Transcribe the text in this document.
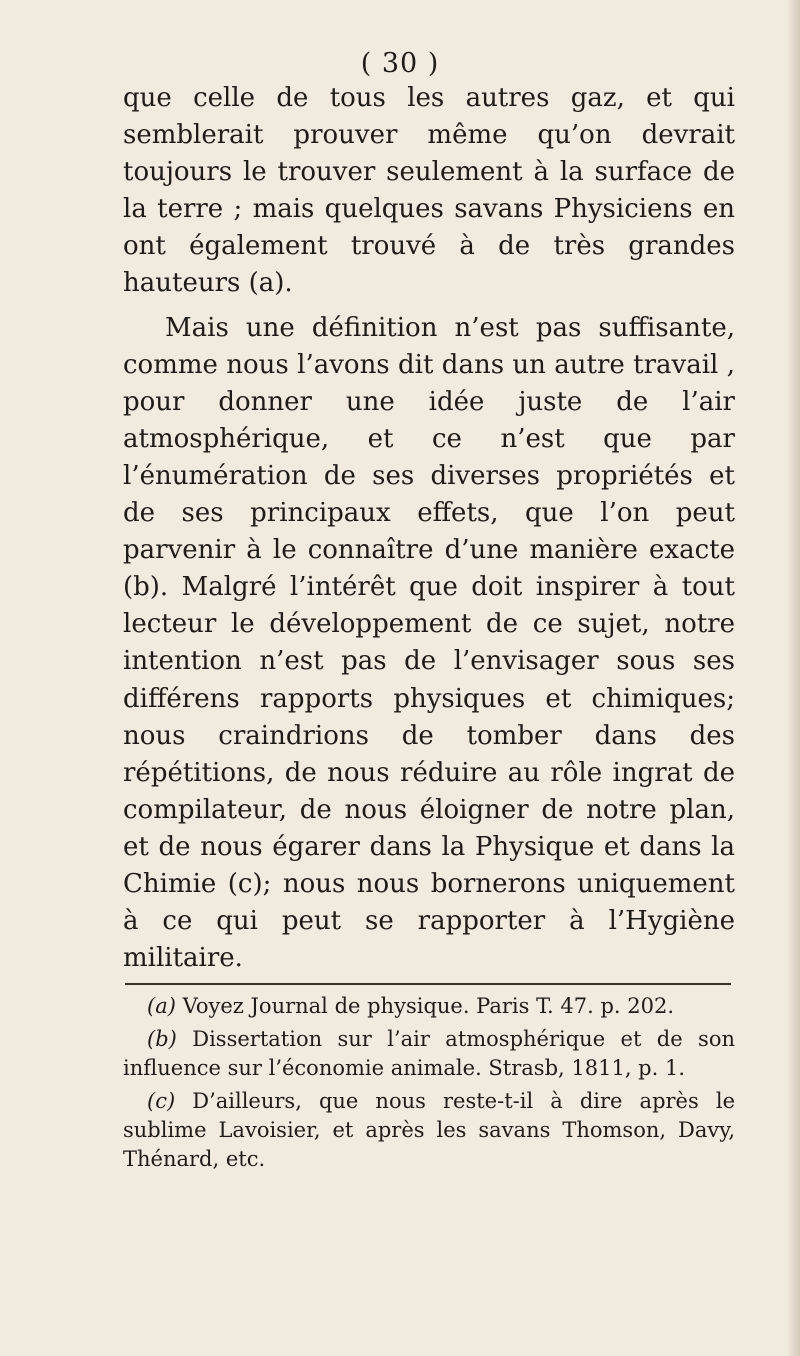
( 30 )

que celle de tous les autres gaz, et qui semblerait prouver même qu’on devrait toujours le trouver seulement à la surface de la terre ; mais quelques savans Physiciens en ont également trouvé à de très grandes hauteurs (a).

Mais une définition n’est pas suffisante, comme nous l’avons dit dans un autre travail , pour donner une idée juste de l’air atmosphérique, et ce n’est que par l’énumération de ses diverses propriétés et de ses principaux effets, que l’on peut parvenir à le connaître d’une manière exacte (b). Malgré l’intérêt que doit inspirer à tout lecteur le développement de ce sujet, notre intention n’est pas de l’envisager sous ses différens rapports physiques et chimiques; nous craindrions de tomber dans des répétitions, de nous réduire au rôle ingrat de compilateur, de nous éloigner de notre plan, et de nous égarer dans la Physique et dans la Chimie (c); nous nous bornerons uniquement à ce qui peut se rapporter à l’Hygiène militaire.

(a) Voyez Journal de physique. Paris T. 47. p. 202.

(b) Dissertation sur l’air atmosphérique et de son influence sur l’économie animale. Strasb, 1811, p. 1.

(c) D’ailleurs, que nous reste-t-il à dire après le sublime Lavoisier, et après les savans Thomson, Davy, Thénard, etc.
